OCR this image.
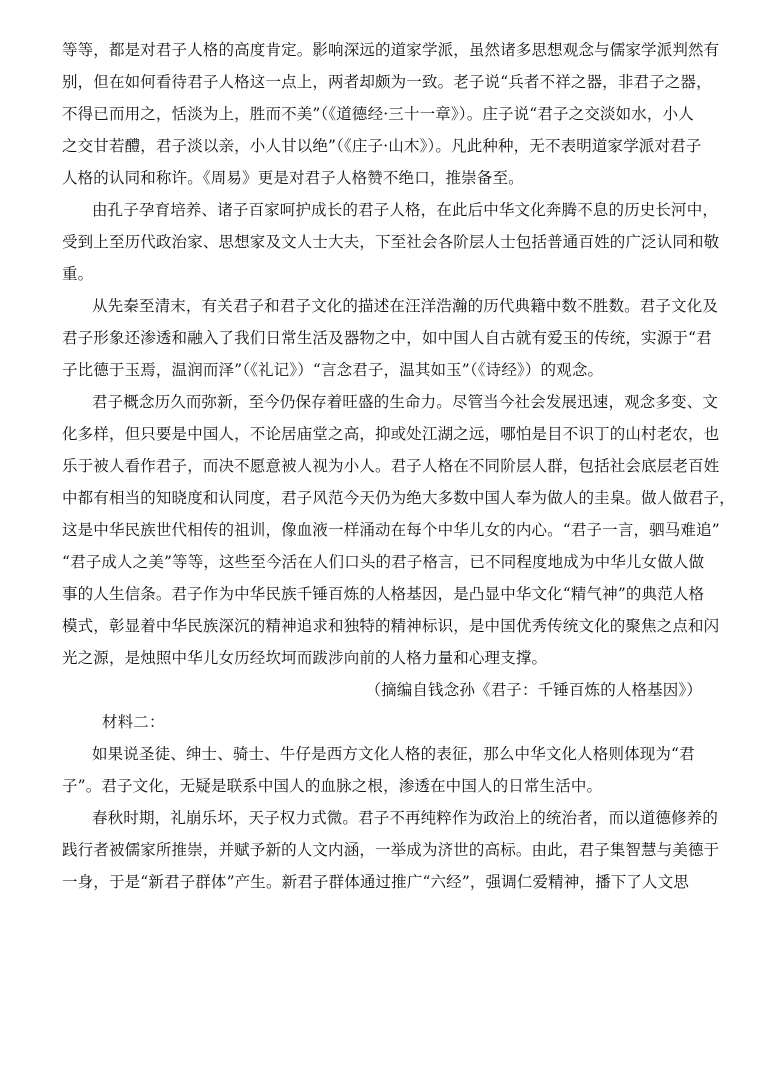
等等，都是对君子人格的高度肯定。影响深远的道家学派，虽然诸多思想观念与儒家学派判然有
别，但在如何看待君子人格这一点上，两者却颇为一致。老子说“兵者不祥之器，非君子之器，
不得已而用之，恬淡为上，胜而不美”（《道德经·三十一章》）。庄子说“君子之交淡如水，小人
之交甘若醴，君子淡以亲，小人甘以绝”（《庄子·山木》）。凡此种种，无不表明道家学派对君子
人格的认同和称许。《周易》更是对君子人格赞不绝口，推崇备至。
由孔子孕育培养、诸子百家呵护成长的君子人格，在此后中华文化奔腾不息的历史长河中，
受到上至历代政治家、思想家及文人士大夫，下至社会各阶层人士包括普通百姓的广泛认同和敬
重。
从先秦至清末，有关君子和君子文化的描述在汪洋浩瀚的历代典籍中数不胜数。君子文化及
君子形象还渗透和融入了我们日常生活及器物之中，如中国人自古就有爱玉的传统，实源于“君
子比德于玉焉，温润而泽”（《礼记》）“言念君子，温其如玉”（《诗经》）的观念。
君子概念历久而弥新，至今仍保存着旺盛的生命力。尽管当今社会发展迅速，观念多变、文
化多样，但只要是中国人，不论居庙堂之高，抑或处江湖之远，哪怕是目不识丁的山村老农，也
乐于被人看作君子，而决不愿意被人视为小人。君子人格在不同阶层人群，包括社会底层老百姓
中都有相当的知晓度和认同度，君子风范今天仍为绝大多数中国人奉为做人的圭臬。做人做君子，
这是中华民族世代相传的祖训，像血液一样涌动在每个中华儿女的内心。“君子一言，驷马难追”
“君子成人之美”等等，这些至今活在人们口头的君子格言，已不同程度地成为中华儿女做人做
事的人生信条。君子作为中华民族千锤百炼的人格基因，是凸显中华文化“精气神”的典范人格
模式，彰显着中华民族深沉的精神追求和独特的精神标识，是中国优秀传统文化的聚焦之点和闪
光之源，是烛照中华儿女历经坎坷而跋涉向前的人格力量和心理支撑。
（摘编自钱念孙《君子：千锤百炼的人格基因》）
材料二：
如果说圣徒、绅士、骑士、牛仔是西方文化人格的表征，那么中华文化人格则体现为“君
子”。君子文化，无疑是联系中国人的血脉之根，渗透在中国人的日常生活中。
春秋时期，礼崩乐坏，天子权力式微。君子不再纯粹作为政治上的统治者，而以道德修养的
践行者被儒家所推崇，并赋予新的人文内涵，一举成为济世的高标。由此，君子集智慧与美德于
一身，于是“新君子群体”产生。新君子群体通过推广“六经”，强调仁爱精神，播下了人文思
